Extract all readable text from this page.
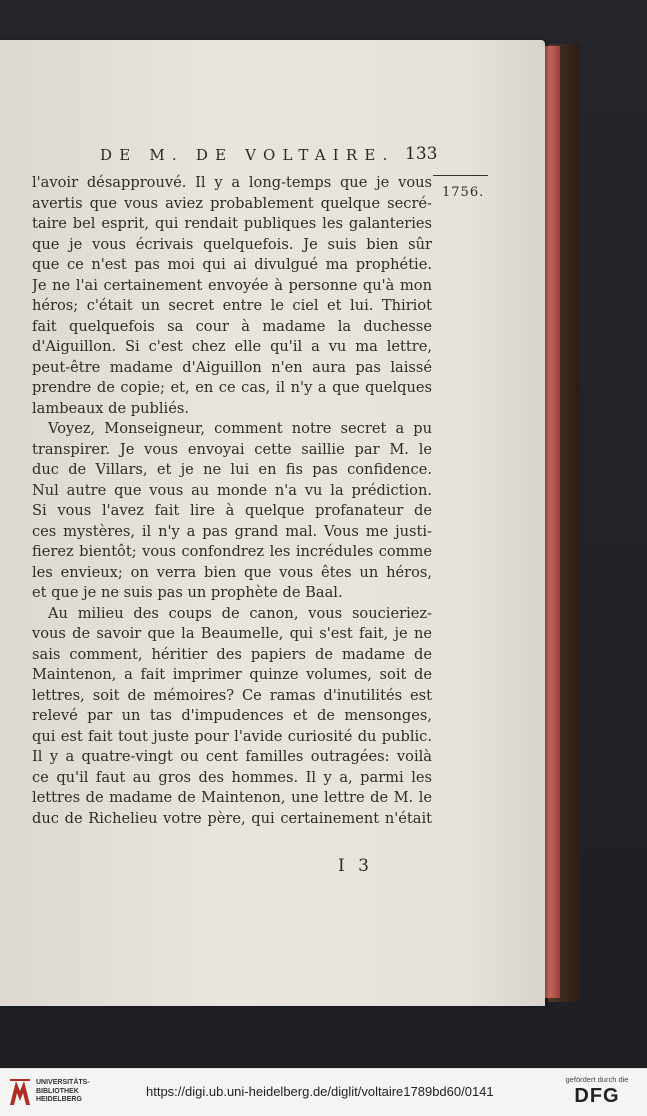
DE M. DE VOLTAIRE. 133
1756.
l'avoir désapprouvé. Il y a long-temps que je vous
avertis que vous aviez probablement quelque secré-
taire bel esprit, qui rendait publiques les galanteries
que je vous écrivais quelquefois. Je suis bien sûr
que ce n'est pas moi qui ai divulgué ma prophétie.
Je ne l'ai certainement envoyée à personne qu'à mon
héros; c'était un secret entre le ciel et lui. Thiriot
fait quelquefois sa cour à madame la duchesse
d'Aiguillon. Si c'est chez elle qu'il a vu ma lettre,
peut-être madame d'Aiguillon n'en aura pas laissé
prendre de copie; et, en ce cas, il n'y a que quelques
lambeaux de publiés.
Voyez, Monseigneur, comment notre secret a pu
transpirer. Je vous envoyai cette saillie par M. le
duc de Villars, et je ne lui en fis pas confidence.
Nul autre que vous au monde n'a vu la prédiction.
Si vous l'avez fait lire à quelque profanateur de
ces mystères, il n'y a pas grand mal. Vous me justi-
fierez bientôt; vous confondrez les incrédules comme
les envieux; on verra bien que vous êtes un héros,
et que je ne suis pas un prophète de Baal.
Au milieu des coups de canon, vous soucieriez-
vous de savoir que la Beaumelle, qui s'est fait, je ne
sais comment, héritier des papiers de madame de
Maintenon, a fait imprimer quinze volumes, soit de
lettres, soit de mémoires? Ce ramas d'inutilités est
relevé par un tas d'impudences et de mensonges,
qui est fait tout juste pour l'avide curiosité du public.
Il y a quatre-vingt ou cent familles outragées: voilà
ce qu'il faut au gros des hommes. Il y a, parmi les
lettres de madame de Maintenon, une lettre de M. le
duc de Richelieu votre père, qui certainement n'était
I 3
UNIVERSITÄTS-
BIBLIOTHEK
HEIDELBERG
https://digi.ub.uni-heidelberg.de/diglit/voltaire1789bd60/0141
gefördert durch die
DFG
